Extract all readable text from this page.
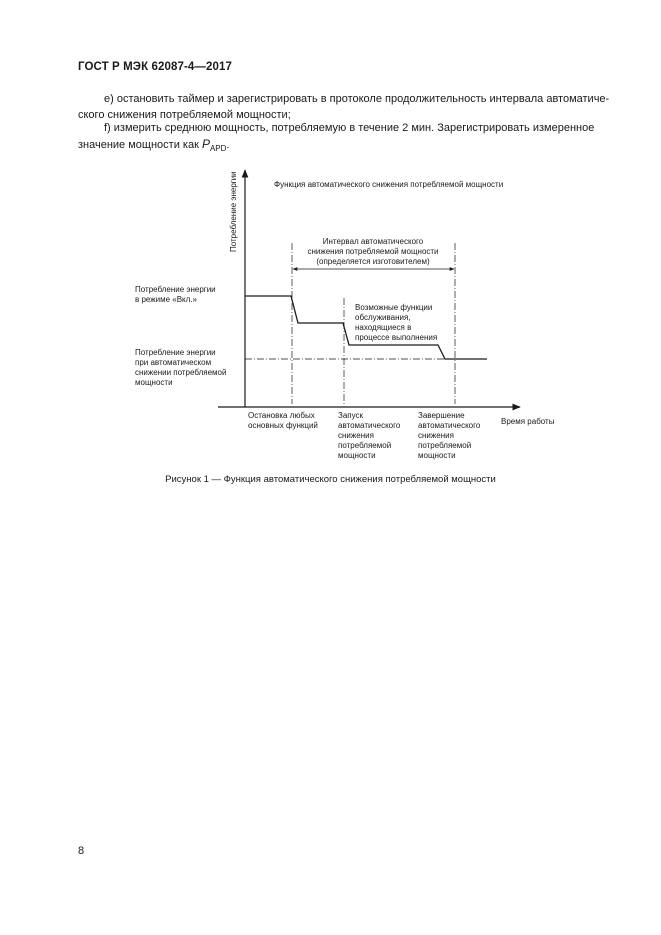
ГОСТ Р МЭК 62087-4—2017
e) остановить таймер и зарегистрировать в протоколе продолжительность интервала автоматиче-
ского снижения потребляемой мощности;
f) измерить среднюю мощность, потребляемую в течение 2 мин. Зарегистрировать измеренное
значение мощности как $P_{APD}$.
Потребление энергии	Функция автоматического снижения потребляемой мощности
Интервал автоматического
снижения потребляемой мощности
(определяется изготовителем)
Потребление энергии
в режиме «Вкл.»
Потребление энергии
при автоматическом
снижении потребляемой
мощности
Возможные функции
обслуживания,
находящиеся в
процессе выполнения
Время работы
Остановка любых
основных функций
Запуск
автоматического
снижения
потребляемой
мощности
Завершение
автоматического
снижения
потребляемой
мощности
Рисунок 1 — Функция автоматического снижения потребляемой мощности
8
